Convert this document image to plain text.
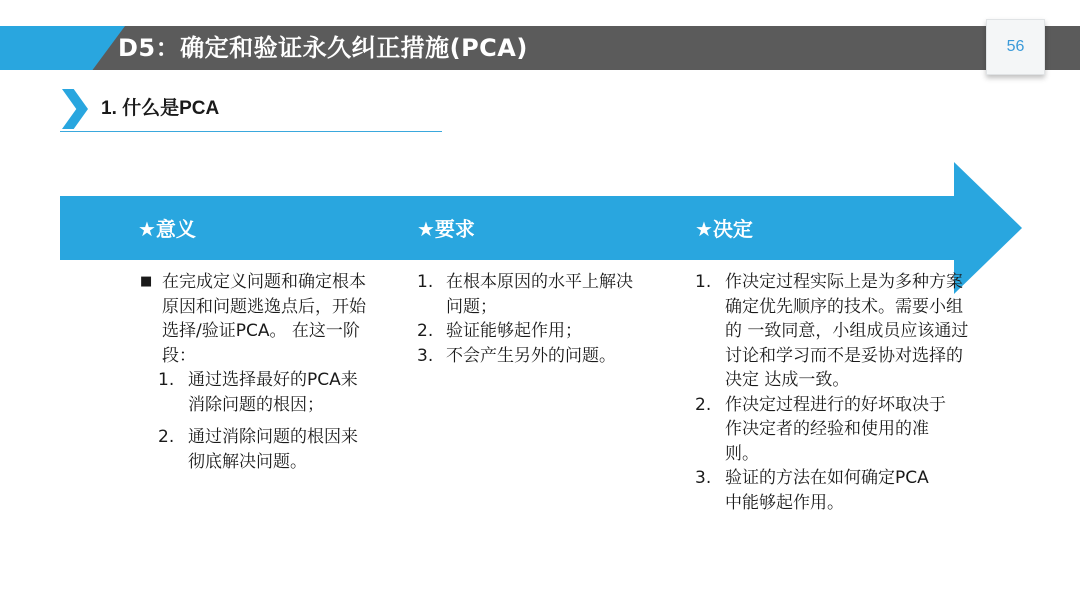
D5：确定和验证永久纠正措施(PCA)	56
1. 什么是PCA
★意义	★要求	★决定
■ 在完成定义问题和确定根本原因和问题逃逸点后，开始选择/验证PCA。 在这一阶段：
1. 通过选择最好的PCA来消除问题的根因；
2. 通过消除问题的根因来彻底解决问题。
1. 在根本原因的水平上解决问题；
2. 验证能够起作用；
3. 不会产生另外的问题。
1. 作决定过程实际上是为多种方案确定优先顺序的技术。需要小组的 一致同意，小组成员应该通过讨论和学习而不是妥协对选择的决定 达成一致。
2. 作决定过程进行的好坏取决于作决定者的经验和使用的准则。
3. 验证的方法在如何确定PCA中能够起作用。
